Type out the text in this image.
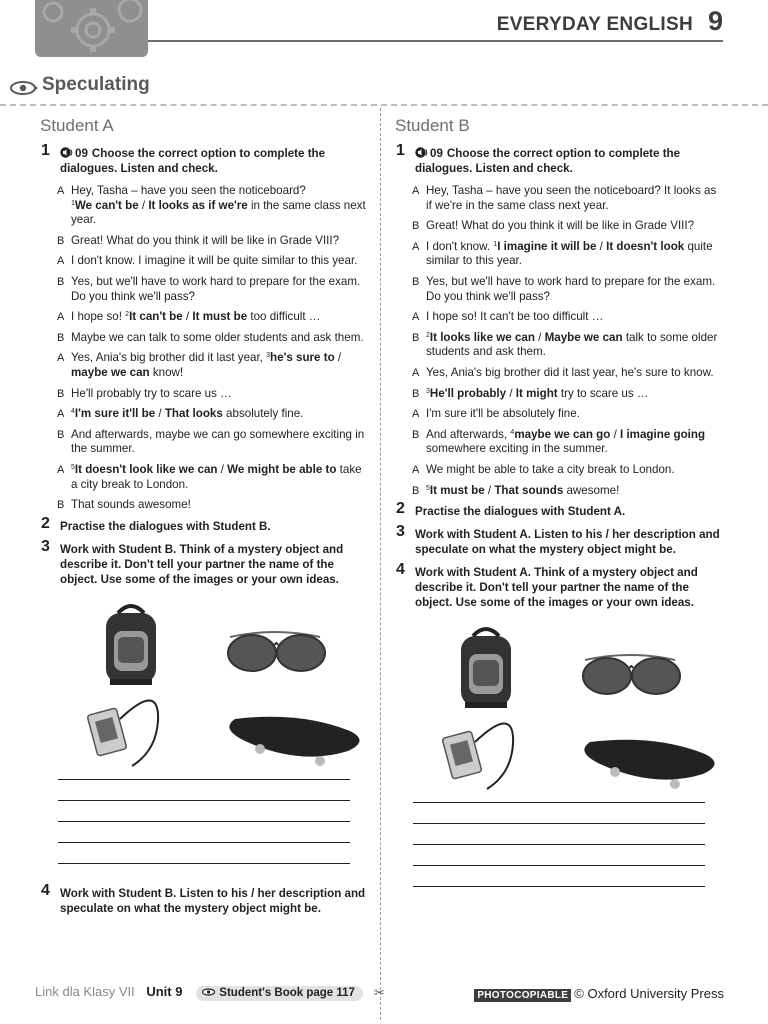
EVERYDAY ENGLISH 9
Speculating
Student A
1 09 Choose the correct option to complete the dialogues. Listen and check.
A Hey, Tasha – have you seen the noticeboard?
$^1$We can't be / It looks as if we're in the same class next year.
B Great! What do you think it will be like in Grade VIII?
A I don't know. I imagine it will be quite similar to this year.
B Yes, but we'll have to work hard to prepare for the exam. Do you think we'll pass?
A I hope so! $^2$It can't be / It must be too difficult …
B Maybe we can talk to some older students and ask them.
A Yes, Ania's big brother did it last year, $^3$he's sure to / maybe we can know!
B He'll probably try to scare us …
A $^4$I'm sure it'll be / That looks absolutely fine.
B And afterwards, maybe we can go somewhere exciting in the summer.
A $^5$It doesn't look like we can / We might be able to take a city break to London.
B That sounds awesome!
2 Practise the dialogues with Student B.
3 Work with Student B. Think of a mystery object and describe it. Don't tell your partner the name of the object. Use some of the images or your own ideas.
4 Work with Student B. Listen to his / her description and speculate on what the mystery object might be.
Student B
1 09 Choose the correct option to complete the dialogues. Listen and check.
A Hey, Tasha – have you seen the noticeboard? It looks as if we're in the same class next year.
B Great! What do you think it will be like in Grade VIII?
A I don't know. $^1$I imagine it will be / It doesn't look quite similar to this year.
B Yes, but we'll have to work hard to prepare for the exam. Do you think we'll pass?
A I hope so! It can't be too difficult …
B $^2$It looks like we can / Maybe we can talk to some older students and ask them.
A Yes, Ania's big brother did it last year, he's sure to know.
B $^3$He'll probably / It might try to scare us …
A I'm sure it'll be absolutely fine.
B And afterwards, $^4$maybe we can go / I imagine going somewhere exciting in the summer.
A We might be able to take a city break to London.
B $^5$It must be / That sounds awesome!
2 Practise the dialogues with Student A.
3 Work with Student A. Listen to his / her description and speculate on what the mystery object might be.
4 Work with Student A. Think of a mystery object and describe it. Don't tell your partner the name of the object. Use some of the images or your own ideas.
Link dla Klasy VII Unit 9	Student's Book page 117	✂	PHOTOCOPIABLE © Oxford University Press
